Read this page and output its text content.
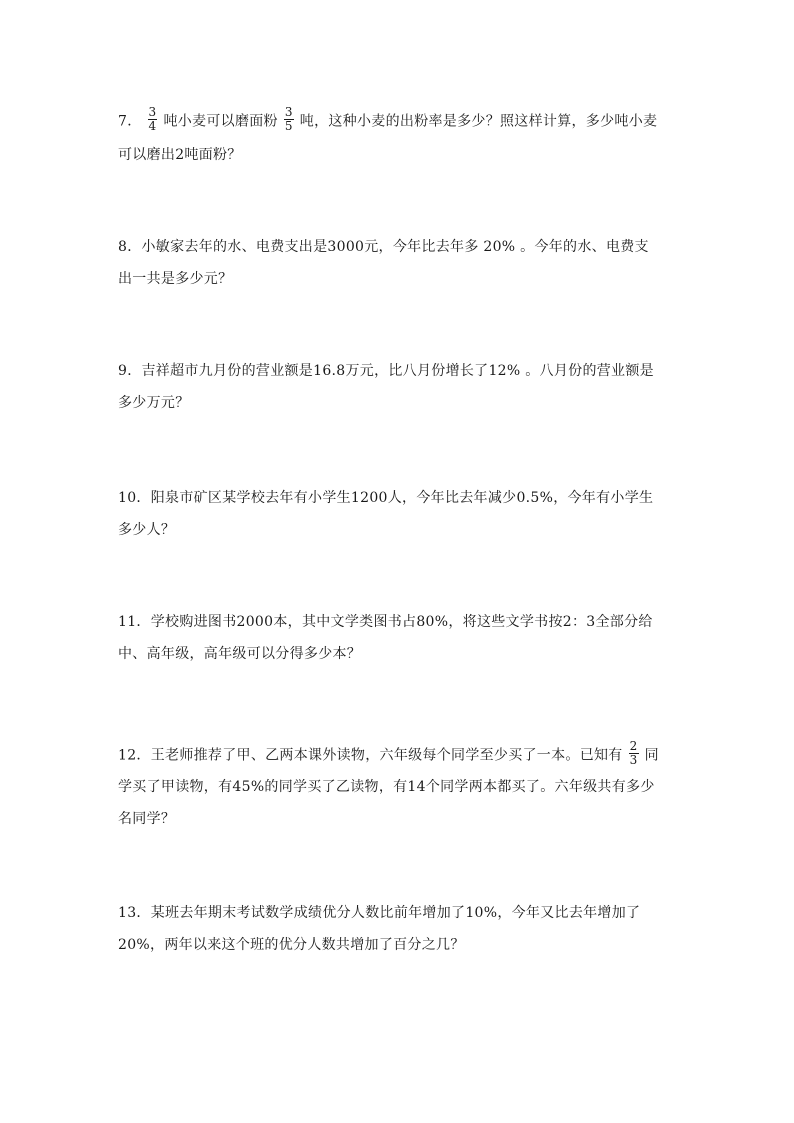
7． $\frac{3}{4}$ 吨小麦可以磨面粉 $\frac{3}{5}$ 吨，这种小麦的出粉率是多少？照这样计算，多少吨小麦
可以磨出2吨面粉？
8．小敏家去年的水、电费支出是3000元，今年比去年多 20% 。今年的水、电费支
出一共是多少元？
9．吉祥超市九月份的营业额是16.8万元，比八月份增长了12% 。八月份的营业额是
多少万元？
10．阳泉市矿区某学校去年有小学生1200人，今年比去年减少0.5%，今年有小学生
多少人？
11．学校购进图书2000本，其中文学类图书占80%，将这些文学书按2：3全部分给
中、高年级，高年级可以分得多少本？
12．王老师推荐了甲、乙两本课外读物，六年级每个同学至少买了一本。已知有 $\frac{2}{3}$ 同
学买了甲读物，有45%的同学买了乙读物，有14个同学两本都买了。六年级共有多少
名同学？
13．某班去年期末考试数学成绩优分人数比前年增加了10%，今年又比去年增加了
20%，两年以来这个班的优分人数共增加了百分之几？
